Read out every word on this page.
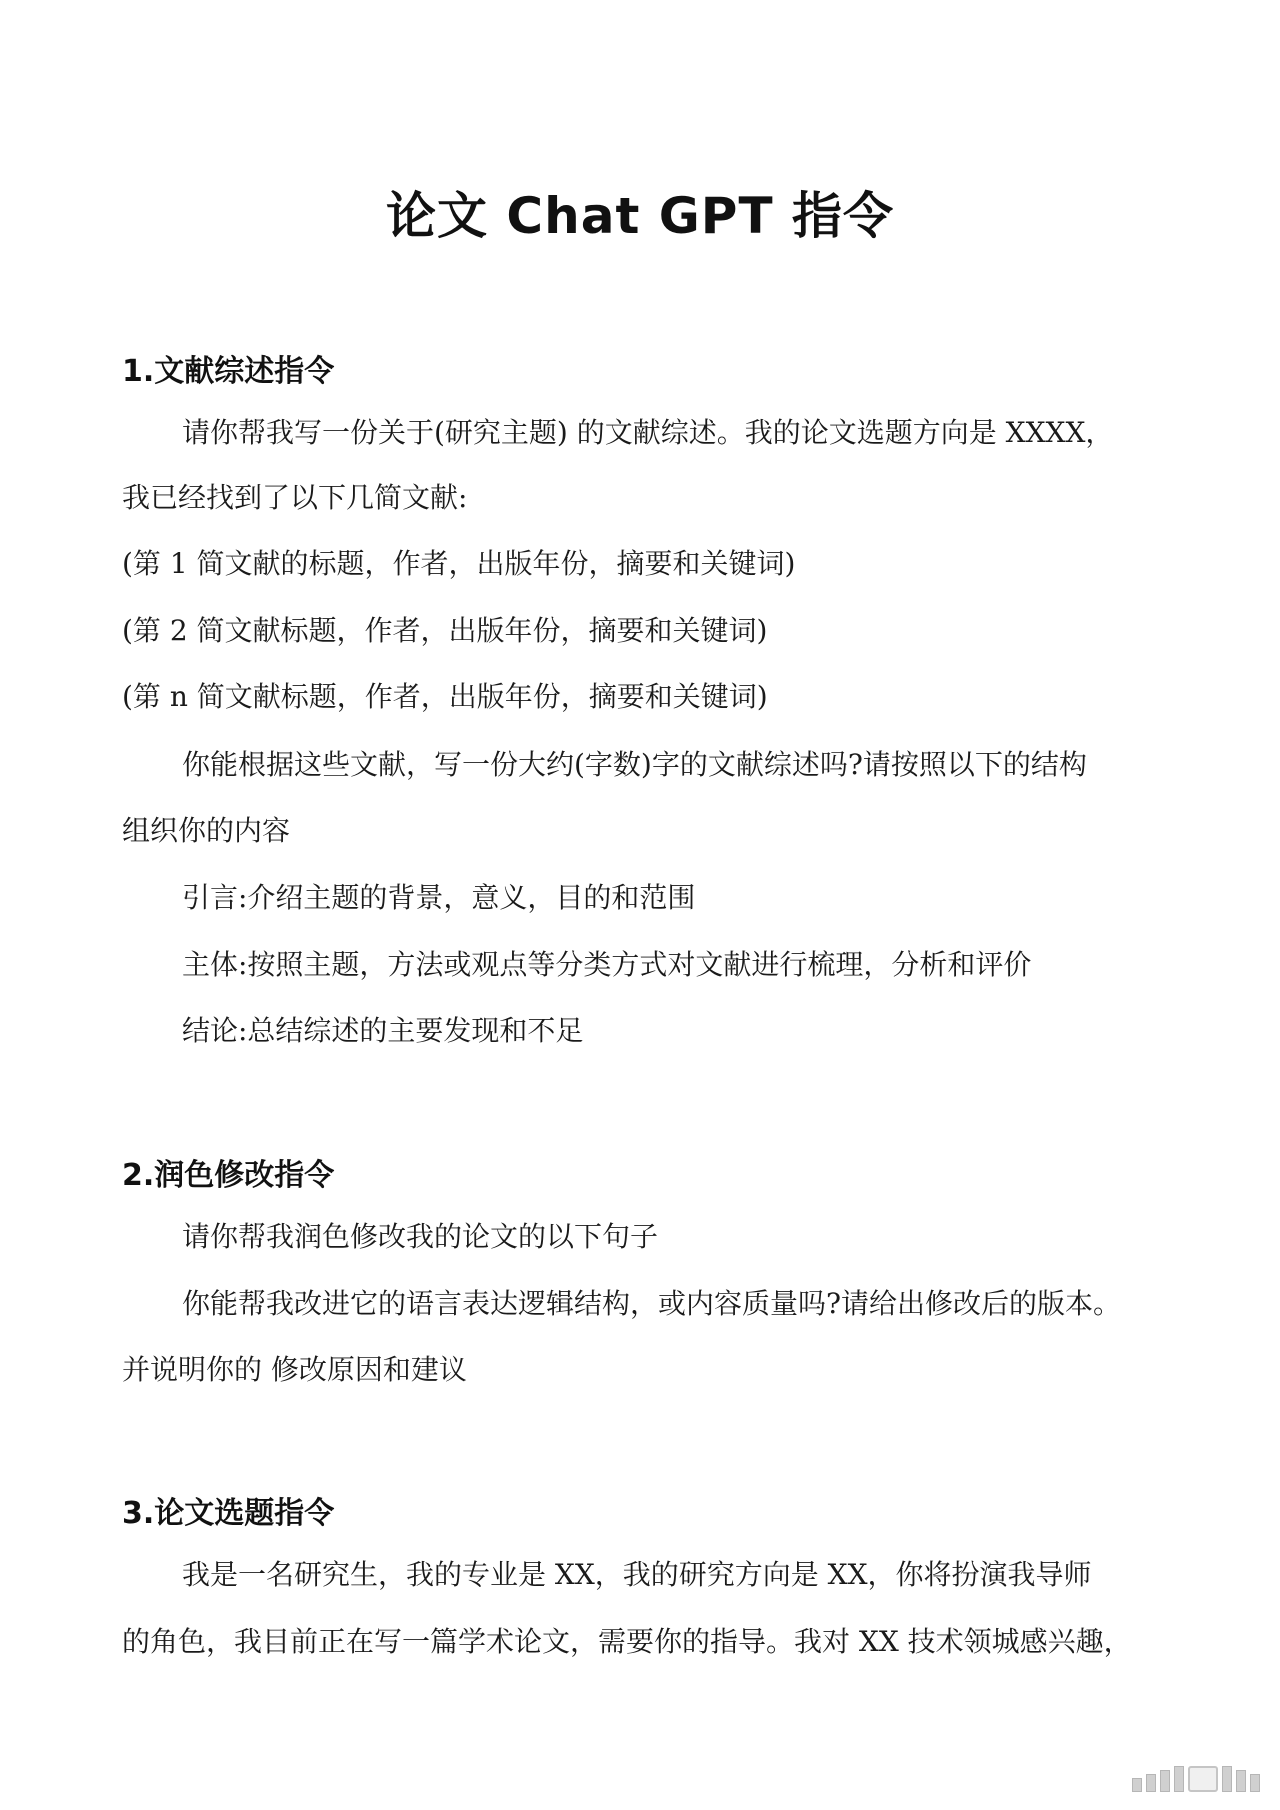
论文 Chat GPT 指令
1.文献综述指令
请你帮我写一份关于(研究主题) 的文献综述。我的论文选题方向是 XXXX，
我已经找到了以下几简文献:
(第 1 简文献的标题，作者，出版年份，摘要和关键词)
(第 2 简文献标题，作者，出版年份，摘要和关键词)
(第 n 简文献标题，作者，出版年份，摘要和关键词)
你能根据这些文献，写一份大约(字数)字的文献综述吗?请按照以下的结构
组织你的内容
引言:介绍主题的背景，意义，目的和范围
主体:按照主题，方法或观点等分类方式对文献进行梳理，分析和评价
结论:总结综述的主要发现和不足
2.润色修改指令
请你帮我润色修改我的论文的以下句子
你能帮我改进它的语言表达逻辑结构，或内容质量吗?请给出修改后的版本。
并说明你的 修改原因和建议
3.论文选题指令
我是一名研究生，我的专业是 XX，我的研究方向是 XX，你将扮演我导师
的角色，我目前正在写一篇学术论文，需要你的指导。我对 XX 技术领城感兴趣，
